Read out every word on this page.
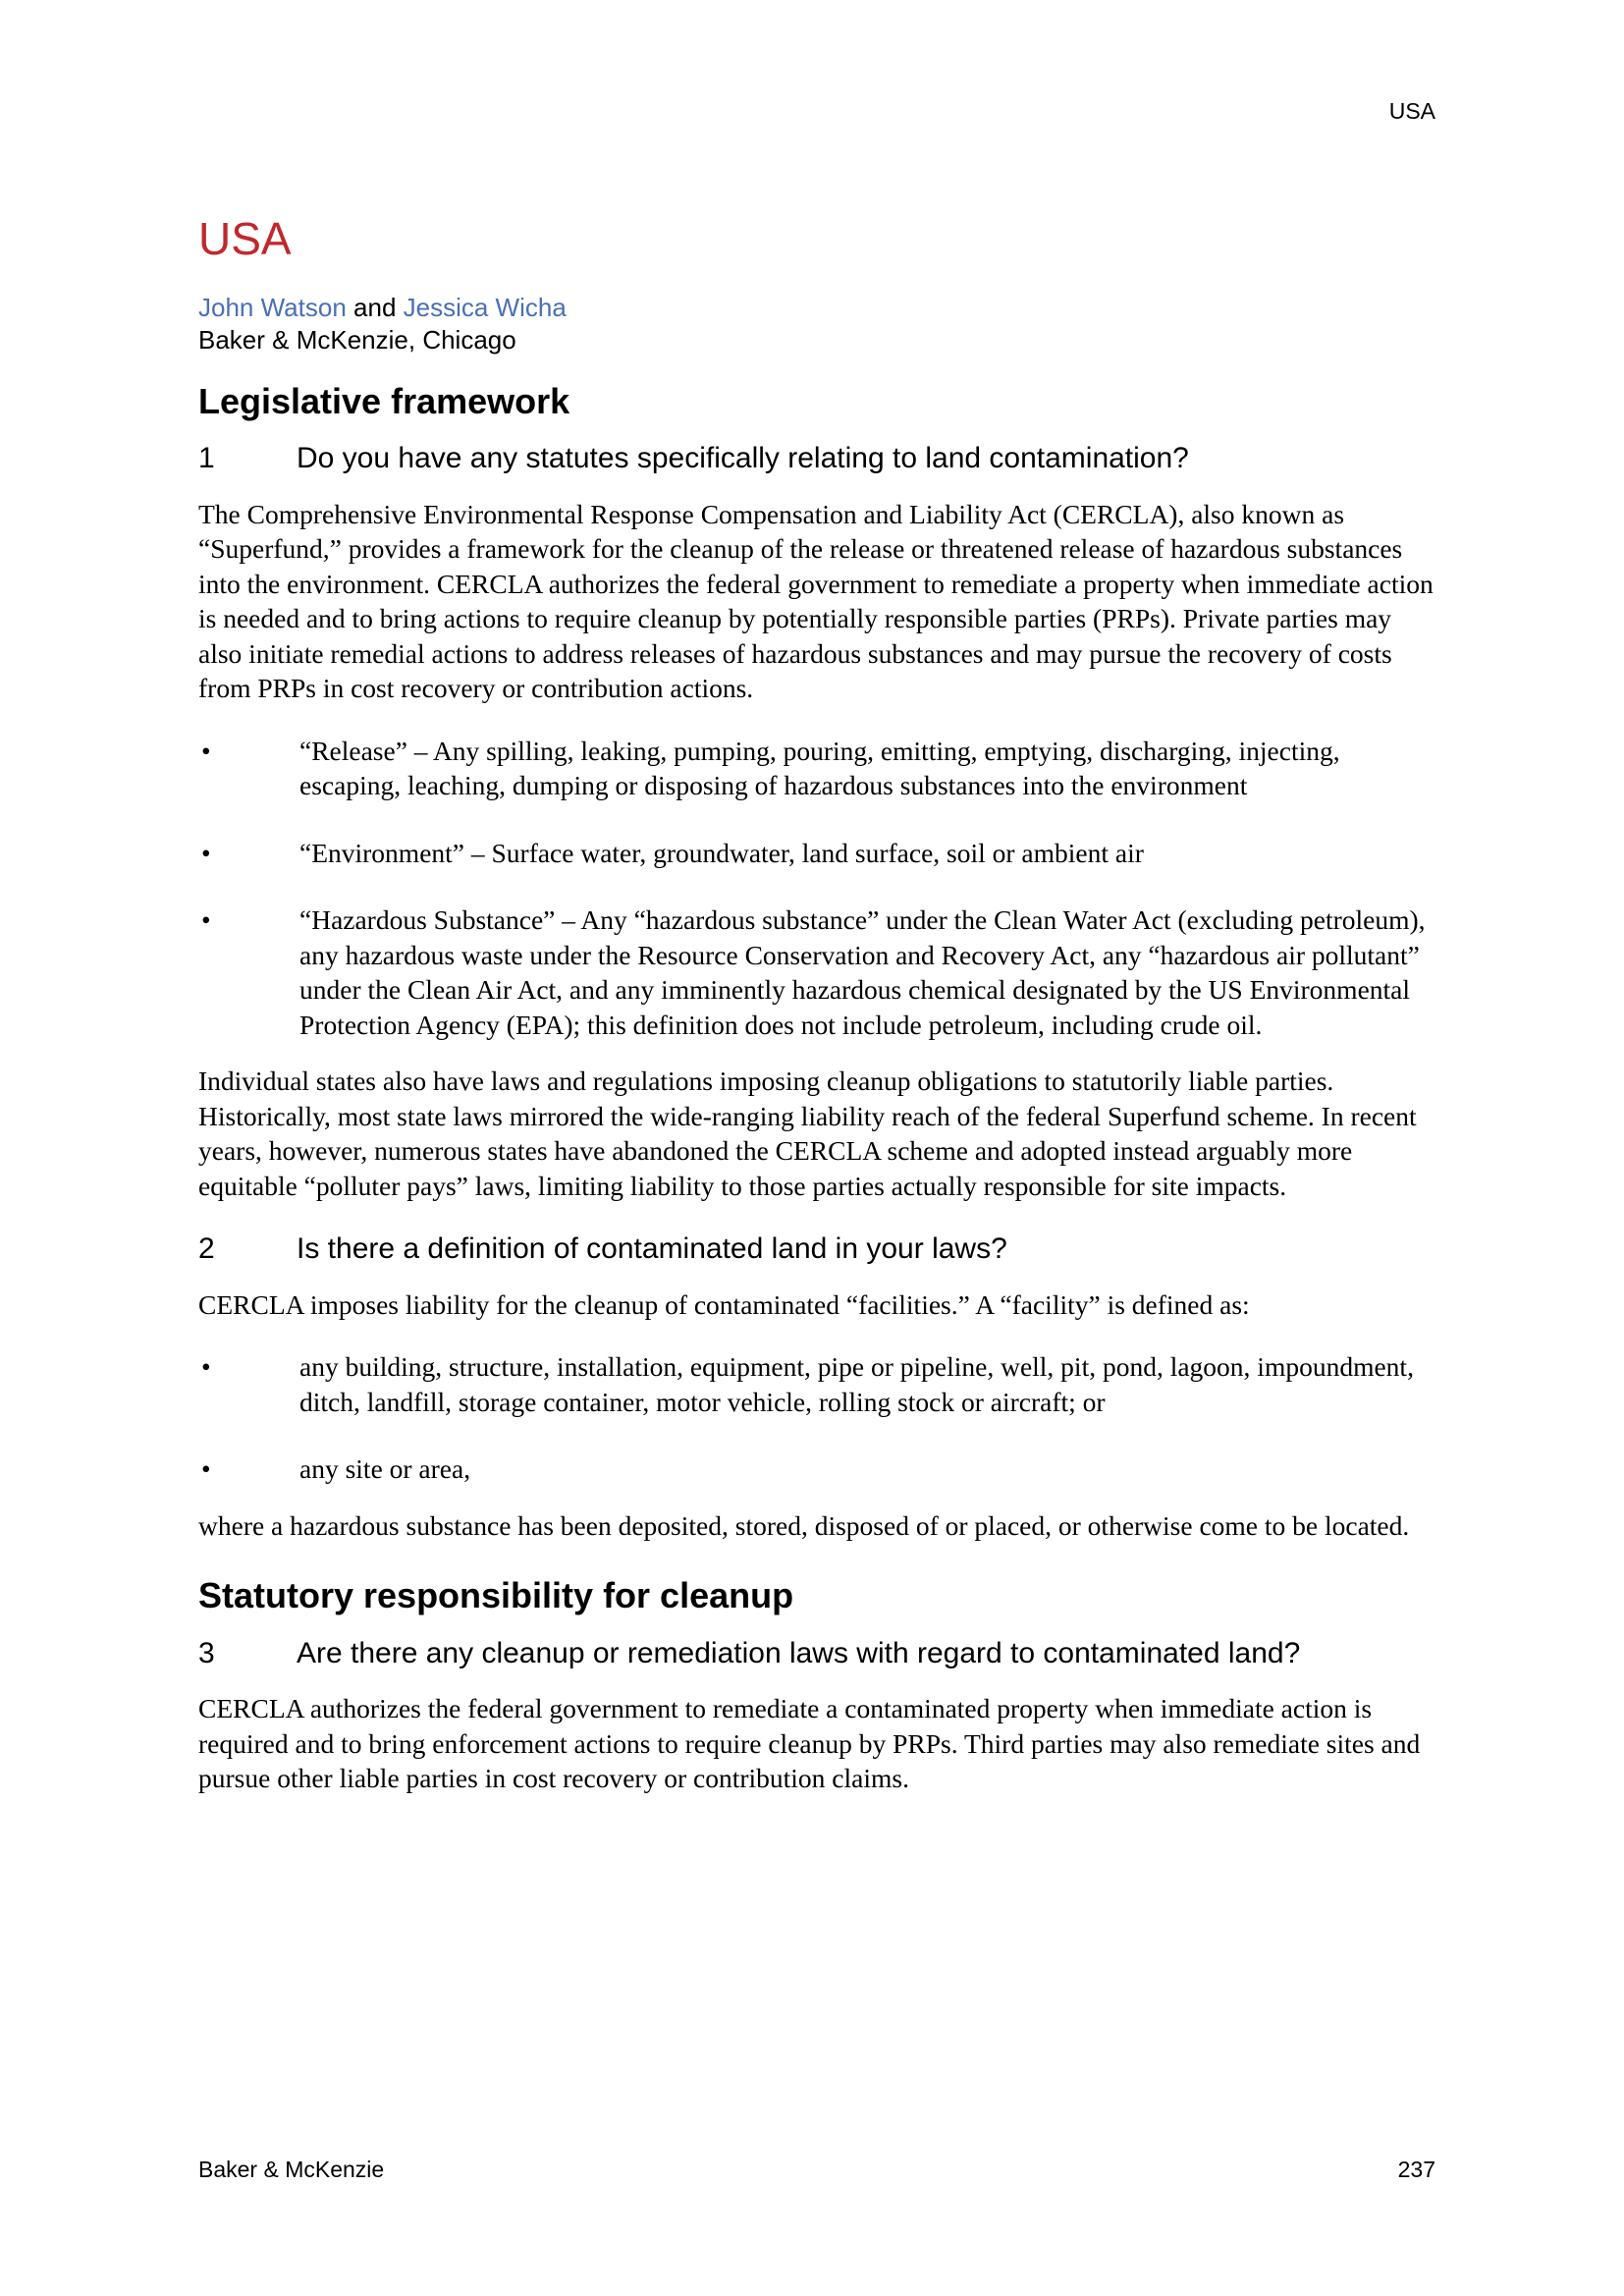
USA
USA

John Watson and Jessica Wicha

Baker & McKenzie, Chicago

Legislative framework
1	Do you have any statutes specifically relating to land contamination?

The Comprehensive Environmental Response Compensation and Liability Act (CERCLA), also known as “Superfund,” provides a framework for the cleanup of the release or threatened release of hazardous substances into the environment. CERCLA authorizes the federal government to remediate a property when immediate action is needed and to bring actions to require cleanup by potentially responsible parties (PRPs). Private parties may also initiate remedial actions to address releases of hazardous substances and may pursue the recovery of costs from PRPs in cost recovery or contribution actions.

•	“Release” – Any spilling, leaking, pumping, pouring, emitting, emptying, discharging, injecting, escaping, leaching, dumping or disposing of hazardous substances into the environment
•	“Environment” – Surface water, groundwater, land surface, soil or ambient air
•	“Hazardous Substance” – Any “hazardous substance” under the Clean Water Act (excluding petroleum), any hazardous waste under the Resource Conservation and Recovery Act, any “hazardous air pollutant” under the Clean Air Act, and any imminently hazardous chemical designated by the US Environmental Protection Agency (EPA); this definition does not include petroleum, including crude oil.

Individual states also have laws and regulations imposing cleanup obligations to statutorily liable parties. Historically, most state laws mirrored the wide-ranging liability reach of the federal Superfund scheme. In recent years, however, numerous states have abandoned the CERCLA scheme and adopted instead arguably more equitable “polluter pays” laws, limiting liability to those parties actually responsible for site impacts.

2	Is there a definition of contaminated land in your laws?

CERCLA imposes liability for the cleanup of contaminated “facilities.” A “facility” is defined as:

•	any building, structure, installation, equipment, pipe or pipeline, well, pit, pond, lagoon, impoundment, ditch, landfill, storage container, motor vehicle, rolling stock or aircraft; or
•	any site or area,

where a hazardous substance has been deposited, stored, disposed of or placed, or otherwise come to be located.

Statutory responsibility for cleanup
3	Are there any cleanup or remediation laws with regard to contaminated land?

CERCLA authorizes the federal government to remediate a contaminated property when immediate action is required and to bring enforcement actions to require cleanup by PRPs. Third parties may also remediate sites and pursue other liable parties in cost recovery or contribution claims.

Baker & McKenzie	237
